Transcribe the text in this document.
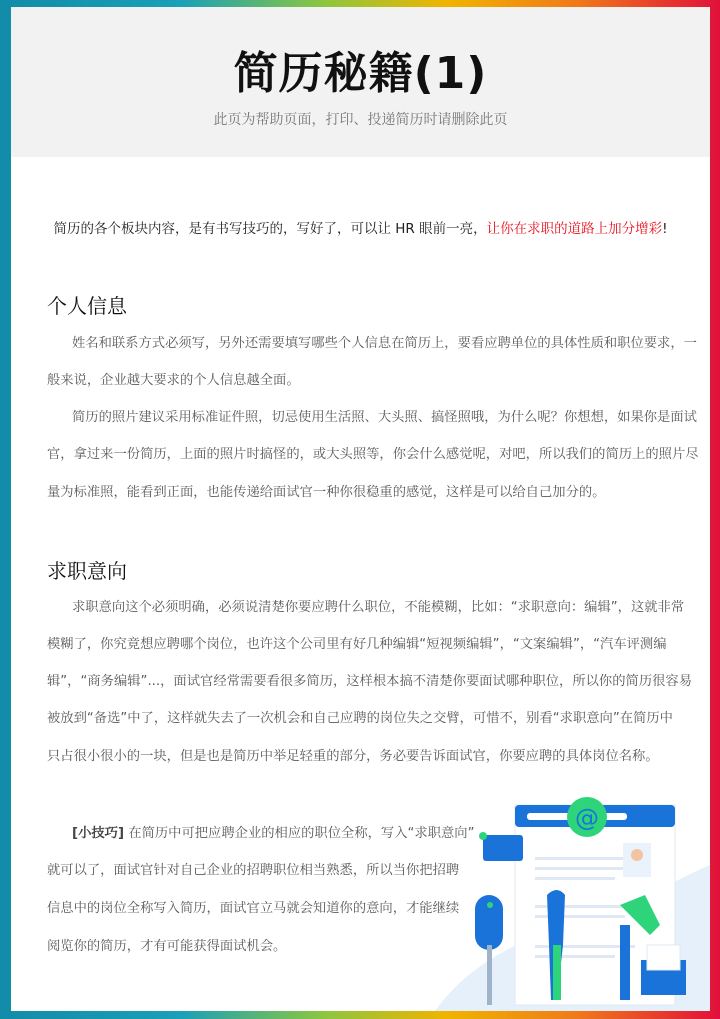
简历秘籍(1)
此页为帮助页面，打印、投递简历时请删除此页
简历的各个板块内容，是有书写技巧的，写好了，可以让 HR 眼前一亮，让你在求职的道路上加分增彩!
个人信息
姓名和联系方式必须写，另外还需要填写哪些个人信息在简历上，要看应聘单位的具体性质和职位要求，一
般来说，企业越大要求的个人信息越全面。
简历的照片建议采用标准证件照，切忌使用生活照、大头照、搞怪照哦，为什么呢？你想想，如果你是面试
官，拿过来一份简历，上面的照片时搞怪的，或大头照等，你会什么感觉呢，对吧，所以我们的简历上的照片尽
量为标准照，能看到正面，也能传递给面试官一种你很稳重的感觉，这样是可以给自己加分的。
求职意向
求职意向这个必须明确，必须说清楚你要应聘什么职位，不能模糊，比如：“求职意向：编辑”，这就非常
模糊了，你究竟想应聘哪个岗位，也许这个公司里有好几种编辑“短视频编辑”，“文案编辑”，“汽车评测编
辑”，“商务编辑”...，面试官经常需要看很多简历，这样根本搞不清楚你要面试哪种职位，所以你的简历很容易
被放到“备选”中了，这样就失去了一次机会和自己应聘的岗位失之交臂，可惜不，别看“求职意向”在简历中
只占很小很小的一块，但是也是简历中举足轻重的部分，务必要告诉面试官，你要应聘的具体岗位名称。
[小技巧] 在简历中可把应聘企业的相应的职位全称，写入“求职意向”
就可以了，面试官针对自己企业的招聘职位相当熟悉，所以当你把招聘
信息中的岗位全称写入简历，面试官立马就会知道你的意向，才能继续
阅览你的简历，才有可能获得面试机会。
@
